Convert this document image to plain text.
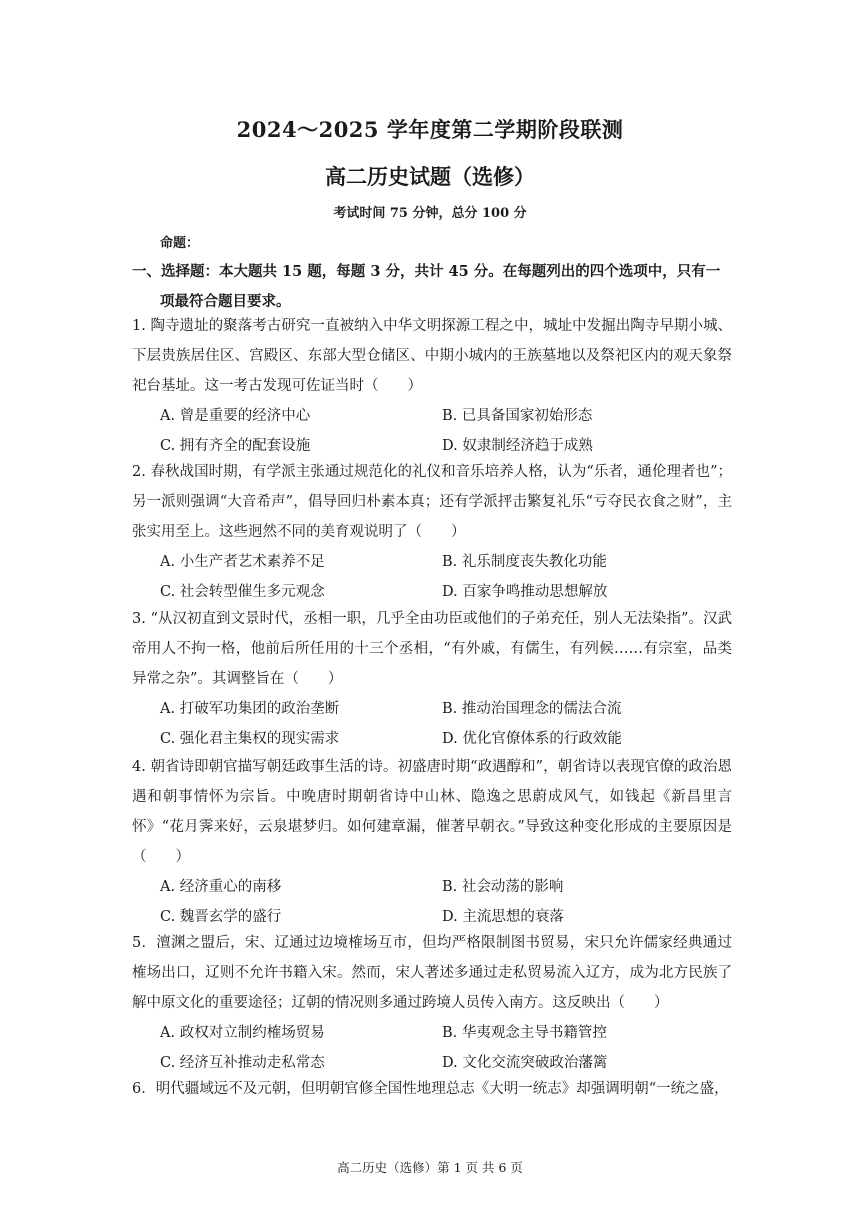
2024～2025 学年度第二学期阶段联测
高二历史试题（选修）
考试时间 75 分钟，总分 100 分
命题：
一、选择题：本大题共 15 题，每题 3 分，共计 45 分。在每题列出的四个选项中，只有一
项最符合题目要求。

1. 陶寺遗址的聚落考古研究一直被纳入中华文明探源工程之中，城址中发掘出陶寺早期小城、下层贵族居住区、宫殿区、东部大型仓储区、中期小城内的王族墓地以及祭祀区内的观天象祭祀台基址。这一考古发现可佐证当时（　　）

A. 曾是重要的经济中心	B. 已具备国家初始形态
C. 拥有齐全的配套设施	D. 奴隶制经济趋于成熟

2. 春秋战国时期，有学派主张通过规范化的礼仪和音乐培养人格，认为“乐者，通伦理者也”；另一派则强调“大音希声”，倡导回归朴素本真；还有学派抨击繁复礼乐“亏夺民衣食之财”，主张实用至上。这些迥然不同的美育观说明了（　　）

A. 小生产者艺术素养不足	B. 礼乐制度丧失教化功能
C. 社会转型催生多元观念	D. 百家争鸣推动思想解放

3. “从汉初直到文景时代，丞相一职，几乎全由功臣或他们的子弟充任，别人无法染指”。汉武帝用人不拘一格，他前后所任用的十三个丞相，“有外戚，有儒生，有列候……有宗室，品类异常之杂”。其调整旨在（　　）

A. 打破军功集团的政治垄断	B. 推动治国理念的儒法合流
C. 强化君主集权的现实需求	D. 优化官僚体系的行政效能

4. 朝省诗即朝官描写朝廷政事生活的诗。初盛唐时期“政遇醇和”，朝省诗以表现官僚的政治恩遇和朝事情怀为宗旨。中晚唐时期朝省诗中山林、隐逸之思蔚成风气，如钱起《新昌里言怀》“花月霁来好，云泉堪梦归。如何建章漏，催著早朝衣。”导致这种变化形成的主要原因是（　　）

A. 经济重心的南移	B. 社会动荡的影响
C. 魏晋玄学的盛行	D. 主流思想的衰落

5．澶渊之盟后，宋、辽通过边境榷场互市，但均严格限制图书贸易，宋只允许儒家经典通过榷场出口，辽则不允许书籍入宋。然而，宋人著述多通过走私贸易流入辽方，成为北方民族了解中原文化的重要途径；辽朝的情况则多通过跨境人员传入南方。这反映出（　　）

A. 政权对立制约榷场贸易	B. 华夷观念主导书籍管控
C. 经济互补推动走私常态	D. 文化交流突破政治藩篱

6．明代疆域远不及元朝，但明朝官修全国性地理总志《大明一统志》却强调明朝“一统之盛，

高二历史（选修）第 1 页 共 6 页
